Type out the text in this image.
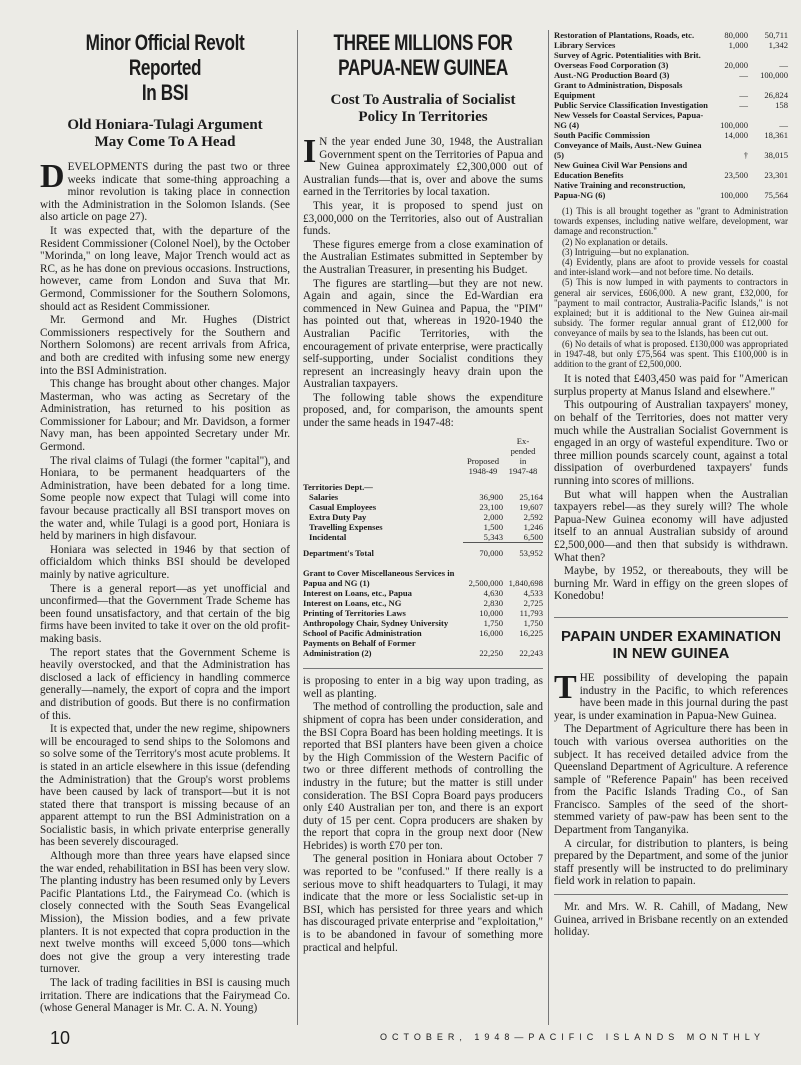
Minor Official Revolt Reported
In BSI
Old Honiara-Tulagi Argument
May Come To A Head

DEVELOPMENTS during the past two or three weeks indicate that some-thing approaching a minor revolution is taking place in connection with the Administration in the Solomon Islands. (See also article on page 27).

It was expected that, with the departure of the Resident Commissioner (Colonel Noel), by the October "Morinda," on long leave, Major Trench would act as RC, as he has done on previous occasions. Instructions, however, came from London and Suva that Mr. Germond, Commissioner for the Southern Solomons, should act as Resident Commissioner.

Mr. Germond and Mr. Hughes (District Commissioners respectively for the Southern and Northern Solomons) are recent arrivals from Africa, and both are credited with infusing some new energy into the BSI Administration.

This change has brought about other changes. Major Masterman, who was acting as Secretary of the Administration, has returned to his position as Commissioner for Labour; and Mr. Davidson, a former Navy man, has been appointed Secretary under Mr. Germond.

The rival claims of Tulagi (the former "capital"), and Honiara, to be permanent headquarters of the Administration, have been debated for a long time. Some people now expect that Tulagi will come into favour because practically all BSI transport moves on the water and, while Tulagi is a good port, Honiara is held by mariners in high disfavour.

Honiara was selected in 1946 by that section of officialdom which thinks BSI should be developed mainly by native agriculture.

There is a general report—as yet unofficial and unconfirmed—that the Government Trade Scheme has been found unsatisfactory, and that certain of the big firms have been invited to take it over on the old profit-making basis.

The report states that the Government Scheme is heavily overstocked, and that the Administration has disclosed a lack of efficiency in handling commerce generally—namely, the export of copra and the import and distribution of goods. But there is no confirmation of this.

It is expected that, under the new regime, shipowners will be encouraged to send ships to the Solomons and so solve some of the Territory's most acute problems. It is stated in an article elsewhere in this issue (defending the Administration) that the Group's worst problems have been caused by lack of transport—but it is not stated there that transport is missing because of an apparent attempt to run the BSI Administration on a Socialistic basis, in which private enterprise generally has been severely discouraged.

Although more than three years have elapsed since the war ended, rehabilitation in BSI has been very slow. The planting industry has been resumed only by Levers Pacific Plantations Ltd., the Fairymead Co. (which is closely connected with the South Seas Evangelical Mission), the Mission bodies, and a few private planters. It is not expected that copra production in the next twelve months will exceed 5,000 tons—which does not give the group a very interesting trade turnover.

The lack of trading facilities in BSI is causing much irritation. There are indications that the Fairymead Co. (whose General Manager is Mr. C. A. N. Young)

THREE MILLIONS FOR
PAPUA-NEW GUINEA
Cost To Australia of Socialist
Policy In Territories

I N the year ended June 30, 1948, the Australian Government spent on the Territories of Papua and New Guinea approximately £2,300,000 out of Australian funds—that is, over and above the sums earned in the Territories by local taxation.

This year, it is proposed to spend just on £3,000,000 on the Territories, also out of Australian funds.

These figures emerge from a close examination of the Australian Estimates submitted in September by the Australian Treasurer, in presenting his Budget.

The figures are startling—but they are not new. Again and again, since the Ed-Wardian era commenced in New Guinea and Papua, the "PIM" has pointed out that, whereas in 1920-1940 the Australian Pacific Territories, with the encouragement of private enterprise, were practically self-supporting, under Socialist conditions they represent an increasingly heavy drain upon the Australian taxpayers.

The following table shows the expenditure proposed, and, for comparison, the amounts spent under the same heads in 1947-48:

	Proposed	Ex-
pended
in
	1948-49	1947-48
Territories Dept.—		
Salaries	36,900	25,164
Casual Employees	23,100	19,607
Extra Duty Pay	2,000	2,592
Travelling Expenses	1,500	1,246
Incidental	5,343	6,500
Department's Total	70,000	53,952

Grant to Cover Miscellaneous Services in Papua and NG (1)	2,500,000	1,840,698
Interest on Loans, etc., Papua	4,630	4,533
Interest on Loans, etc., NG	2,830	2,725
Printing of Territories Laws	10,000	11,793
Anthropology Chair, Sydney University	1,750	1,750
School of Pacific Administration	16,000	16,225
Payments on Behalf of Former Administration (2)	22,250	22,243

is proposing to enter in a big way upon trading, as well as planting.

The method of controlling the production, sale and shipment of copra has been under consideration, and the BSI Copra Board has been holding meetings. It is reported that BSI planters have been given a choice by the High Commission of the Western Pacific of two or three different methods of controlling the industry in the future; but the matter is still under consideration. The BSI Copra Board pays producers only £40 Australian per ton, and there is an export duty of 15 per cent. Copra producers are shaken by the report that copra in the group next door (New Hebrides) is worth £70 per ton.

The general position in Honiara about October 7 was reported to be "confused." If there really is a serious move to shift headquarters to Tulagi, it may indicate that the more or less Socialistic set-up in BSI, which has persisted for three years and which has discouraged private enterprise and "exploitation," is to be abandoned in favour of something more practical and helpful.

Restoration of Plantations, Roads, etc.	80,000	50,711
Library Services	1,000	1,342
Survey of Agric. Potentialities with Brit. Overseas Food Corporation (3)	20,000	—
Aust.-NG Production Board (3)	—	100,000
Grant to Administration, Disposals Equipment	—	26,824
Public Service Classification Investigation	—	158
New Vessels for Coastal Services, Papua-NG (4)	100,000	—
South Pacific Commission	14,000	18,361
Conveyance of Mails, Aust.-New Guinea (5)	†	38,015
New Guinea Civil War Pensions and Education Benefits	23,500	23,301
Native Training and reconstruction, Papua-NG (6)	100,000	75,564

(1) This is all brought together as "grant to Administration towards expenses, including native welfare, development, war damage and reconstruction."

(2) No explanation or details.

(3) Intriguing—but no explanation.

(4) Evidently, plans are afoot to provide vessels for coastal and inter-island work—and not before time. No details.

(5) This is now lumped in with payments to contractors in general air services, £606,000. A new grant, £32,000, for "payment to mail contractor, Australia-Pacific Islands," is not explained; but it is additional to the New Guinea air-mail subsidy. The former regular annual grant of £12,000 for conveyance of mails by sea to the Islands, has been cut out.

(6) No details of what is proposed. £130,000 was appropriated in 1947-48, but only £75,564 was spent. This £100,000 is in addition to the grant of £2,500,000.

It is noted that £403,450 was paid for "American surplus property at Manus Island and elsewhere."

This outpouring of Australian taxpayers' money, on behalf of the Territories, does not matter very much while the Australian Socialist Government is engaged in an orgy of wasteful expenditure. Two or three million pounds scarcely count, against a total dissipation of overburdened taxpayers' funds running into scores of millions.

But what will happen when the Australian taxpayers rebel—as they surely will? The whole Papua-New Guinea economy will have adjusted itself to an annual Australian subsidy of around £2,500,000—and then that subsidy is withdrawn. What then?

Maybe, by 1952, or thereabouts, they will be burning Mr. Ward in effigy on the green slopes of Konedobu!

PAPAIN UNDER EXAMINATION
IN NEW GUINEA

THE possibility of developing the papain industry in the Pacific, to which references have been made in this journal during the past year, is under examination in Papua-New Guinea.

The Department of Agriculture there has been in touch with various oversea authorities on the subject. It has received detailed advice from the Queensland Department of Agriculture. A reference sample of "Reference Papain" has been received from the Pacific Islands Trading Co., of San Francisco. Samples of the seed of the short-stemmed variety of paw-paw has been sent to the Department from Tanganyika.

A circular, for distribution to planters, is being prepared by the Department, and some of the junior staff presently will be instructed to do preliminary field work in relation to papain.

Mr. and Mrs. W. R. Cahill, of Madang, New Guinea, arrived in Brisbane recently on an extended holiday.

10	OCTOBER, 1948—PACIFIC ISLANDS MONTHLY
